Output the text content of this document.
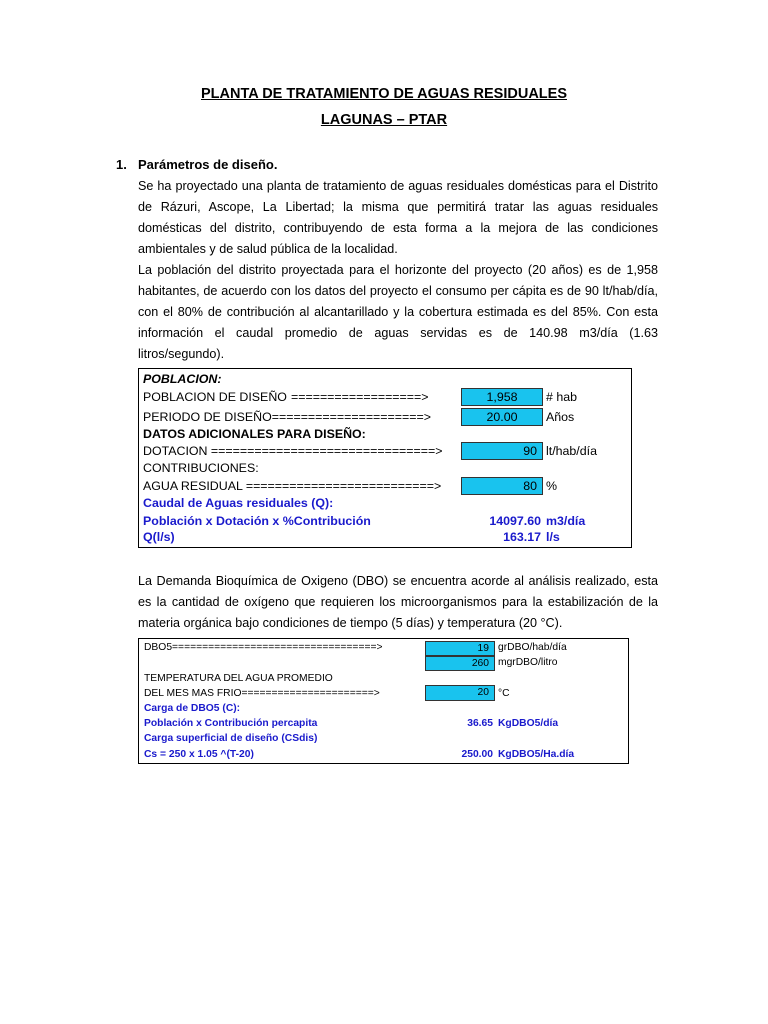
PLANTA DE TRATAMIENTO DE AGUAS RESIDUALES
LAGUNAS – PTAR
1. Parámetros de diseño.
Se ha proyectado una planta de tratamiento de aguas residuales domésticas para el Distrito
de Rázuri, Ascope, La Libertad; la misma que permitirá tratar las aguas residuales
domésticas del distrito, contribuyendo de esta forma a la mejora de las condiciones
ambientales y de salud pública de la localidad.
La población del distrito proyectada para el horizonte del proyecto (20 años) es de 1,958
habitantes, de acuerdo con los datos del proyecto el consumo per cápita es de 90 lt/hab/día,
con el 80% de contribución al alcantarillado y la cobertura estimada es del 85%. Con esta
información el caudal promedio de aguas servidas es de 140.98 m3/día (1.63
litros/segundo).
POBLACION:
POBLACION DE DISEÑO ==================>	1,958	# hab
PERIODO DE DISEÑO=====================>	20.00	Años
DATOS ADICIONALES PARA DISEÑO:
DOTACION ===============================>	90 lt/hab/día
CONTRIBUCIONES:
AGUA RESIDUAL ==========================>	80 %
Caudal de Aguas residuales (Q):
Población x Dotación x %Contribución	14097.60 m3/día
Q(l/s)	163.17 l/s
La Demanda Bioquímica de Oxigeno (DBO) se encuentra acorde al análisis realizado, esta
es la cantidad de oxígeno que requieren los microorganismos para la estabilización de la
materia orgánica bajo condiciones de tiempo (5 días) y temperatura (20 °C).
DBO5==================================>	19 grDBO/hab/día
260 mgrDBO/litro
TEMPERATURA DEL AGUA PROMEDIO
DEL MES MAS FRIO======================>	20 °C
Carga de DBO5 (C):
Población x Contribución percapita	36.65 KgDBO5/día
Carga superficial de diseño (CSdis)
Cs = 250 x 1.05 ^(T-20)	250.00 KgDBO5/Ha.día
